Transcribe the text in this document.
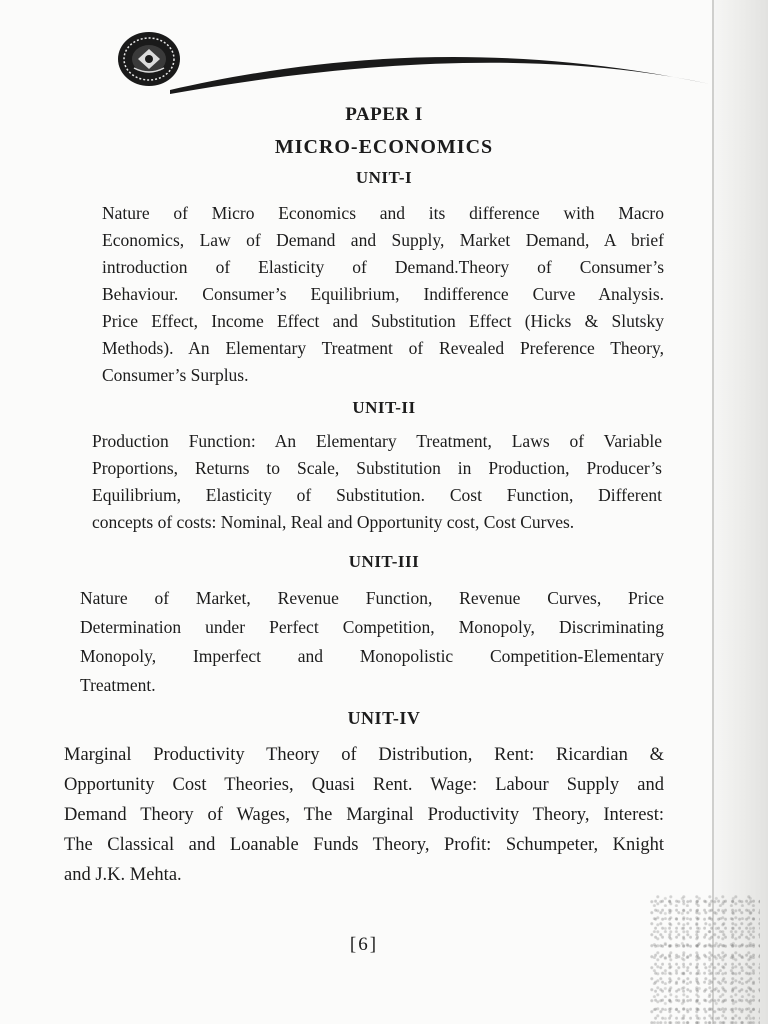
PAPER I
MICRO-ECONOMICS
UNIT-I
Nature of Micro Economics and its difference with Macro
Economics, Law of Demand and Supply, Market Demand, A brief
introduction of Elasticity of Demand.Theory of Consumer’s
Behaviour. Consumer’s Equilibrium, Indifference Curve Analysis.
Price Effect, Income Effect and Substitution Effect (Hicks & Slutsky
Methods). An Elementary Treatment of Revealed Preference Theory,
Consumer’s Surplus.
UNIT-II
Production Function: An Elementary Treatment, Laws of Variable
Proportions, Returns to Scale, Substitution in Production, Producer’s
Equilibrium, Elasticity of Substitution. Cost Function, Different
concepts of costs: Nominal, Real and Opportunity cost, Cost Curves.
UNIT-III
Nature of Market, Revenue Function, Revenue Curves, Price
Determination under Perfect Competition, Monopoly, Discriminating
Monopoly, Imperfect and Monopolistic Competition-Elementary
Treatment.
UNIT-IV
Marginal Productivity Theory of Distribution, Rent: Ricardian &
Opportunity Cost Theories, Quasi Rent. Wage: Labour Supply and
Demand Theory of Wages, The Marginal Productivity Theory, Interest:
The Classical and Loanable Funds Theory, Profit: Schumpeter, Knight
and J.K. Mehta.
[6]
